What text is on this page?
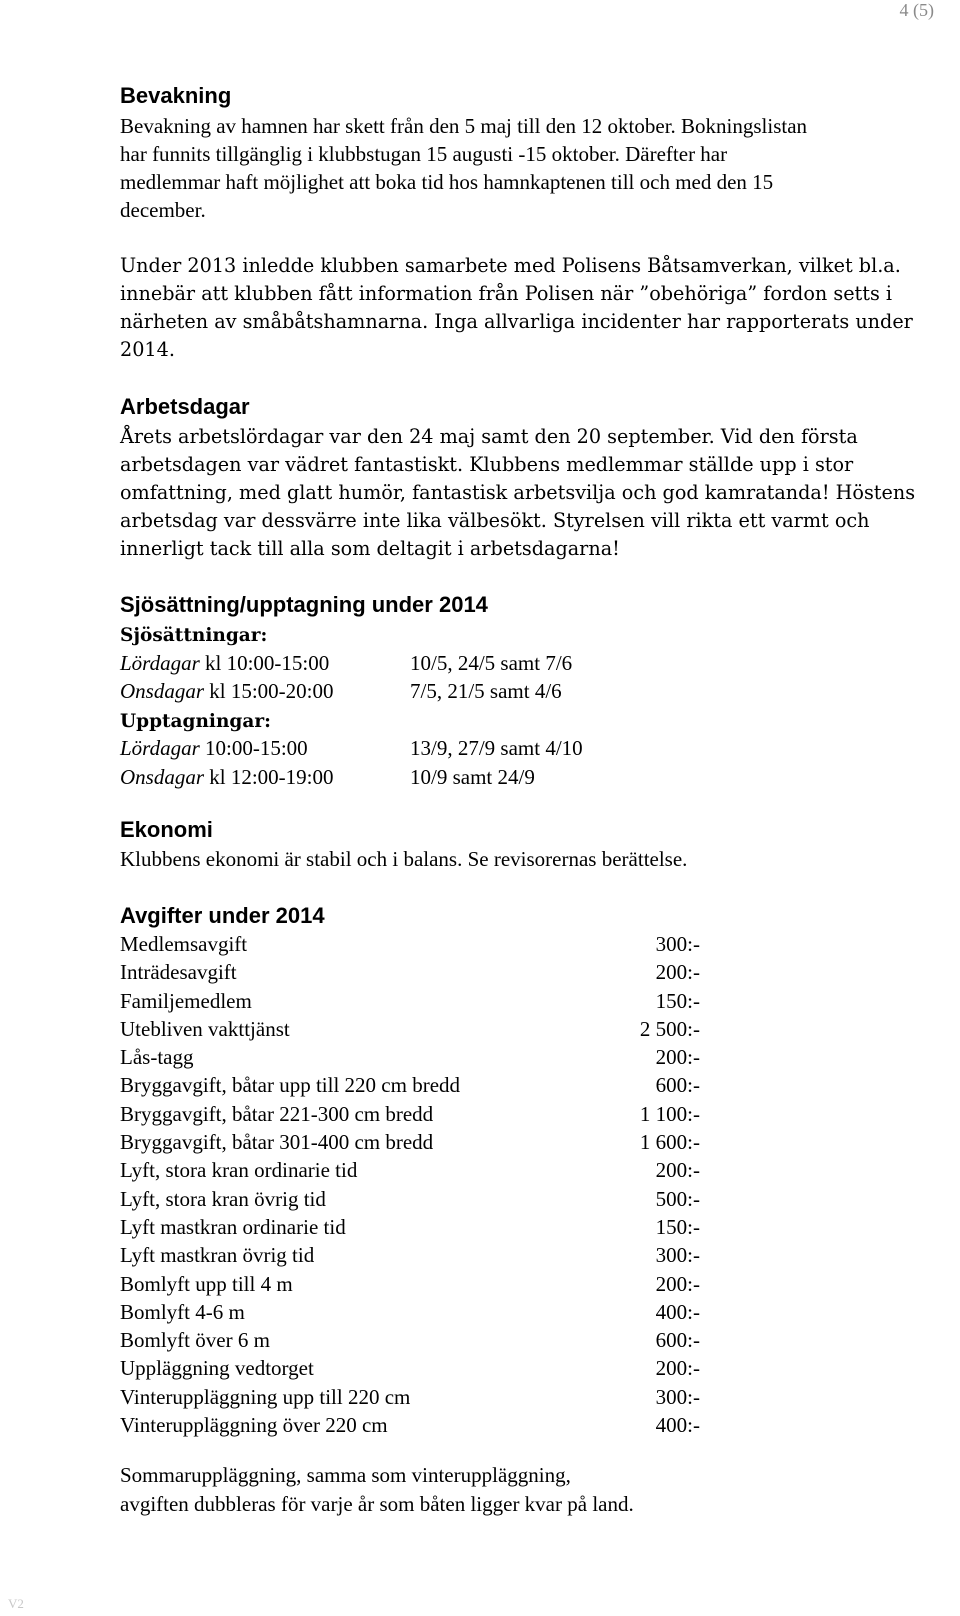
4 (5)
Bevakning

Bevakning av hamnen har skett från den 5 maj till den 12 oktober. Bokningslistan
har funnits tillgänglig i klubbstugan 15 augusti -15 oktober. Därefter har
medlemmar haft möjlighet att boka tid hos hamnkaptenen till och med den 15
december.

Under 2013 inledde klubben samarbete med Polisens Båtsamverkan, vilket bl.a.
innebär att klubben fått information från Polisen när ”obehöriga” fordon setts i
närheten av småbåtshamnarna. Inga allvarliga incidenter har rapporterats under
2014.

Arbetsdagar

Årets arbetslördagar var den 24 maj samt den 20 september. Vid den första
arbetsdagen var vädret fantastiskt. Klubbens medlemmar ställde upp i stor
omfattning, med glatt humör, fantastisk arbetsvilja och god kamratanda! Höstens
arbetsdag var dessvärre inte lika välbesökt. Styrelsen vill rikta ett varmt och
innerligt tack till alla som deltagit i arbetsdagarna!

Sjösättning/upptagning under 2014
Sjösättningar:
Lördagar kl 10:00-15:00	10/5, 24/5 samt 7/6
Onsdagar kl 15:00-20:00	7/5, 21/5 samt 4/6
Upptagningar:
Lördagar 10:00-15:00	13/9, 27/9 samt 4/10
Onsdagar kl 12:00-19:00	10/9 samt 24/9
Ekonomi

Klubbens ekonomi är stabil och i balans. Se revisorernas berättelse.

Avgifter under 2014
Medlemsavgift	300:-
Inträdesavgift	200:-
Familjemedlem	150:-
Utebliven vakttjänst	2 500:-
Lås-tagg	200:-
Bryggavgift, båtar upp till 220 cm bredd	600:-
Bryggavgift, båtar 221-300 cm bredd	1 100:-
Bryggavgift, båtar 301-400 cm bredd	1 600:-
Lyft, stora kran ordinarie tid	200:-
Lyft, stora kran övrig tid	500:-
Lyft mastkran ordinarie tid	150:-
Lyft mastkran övrig tid	300:-
Bomlyft upp till 4 m	200:-
Bomlyft 4-6 m	400:-
Bomlyft över 6 m	600:-
Uppläggning vedtorget	200:-
Vinteruppläggning upp till 220 cm	300:-
Vinteruppläggning över 220 cm	400:-

Sommaruppläggning, samma som vinteruppläggning,
avgiften dubbleras för varje år som båten ligger kvar på land.

V2
